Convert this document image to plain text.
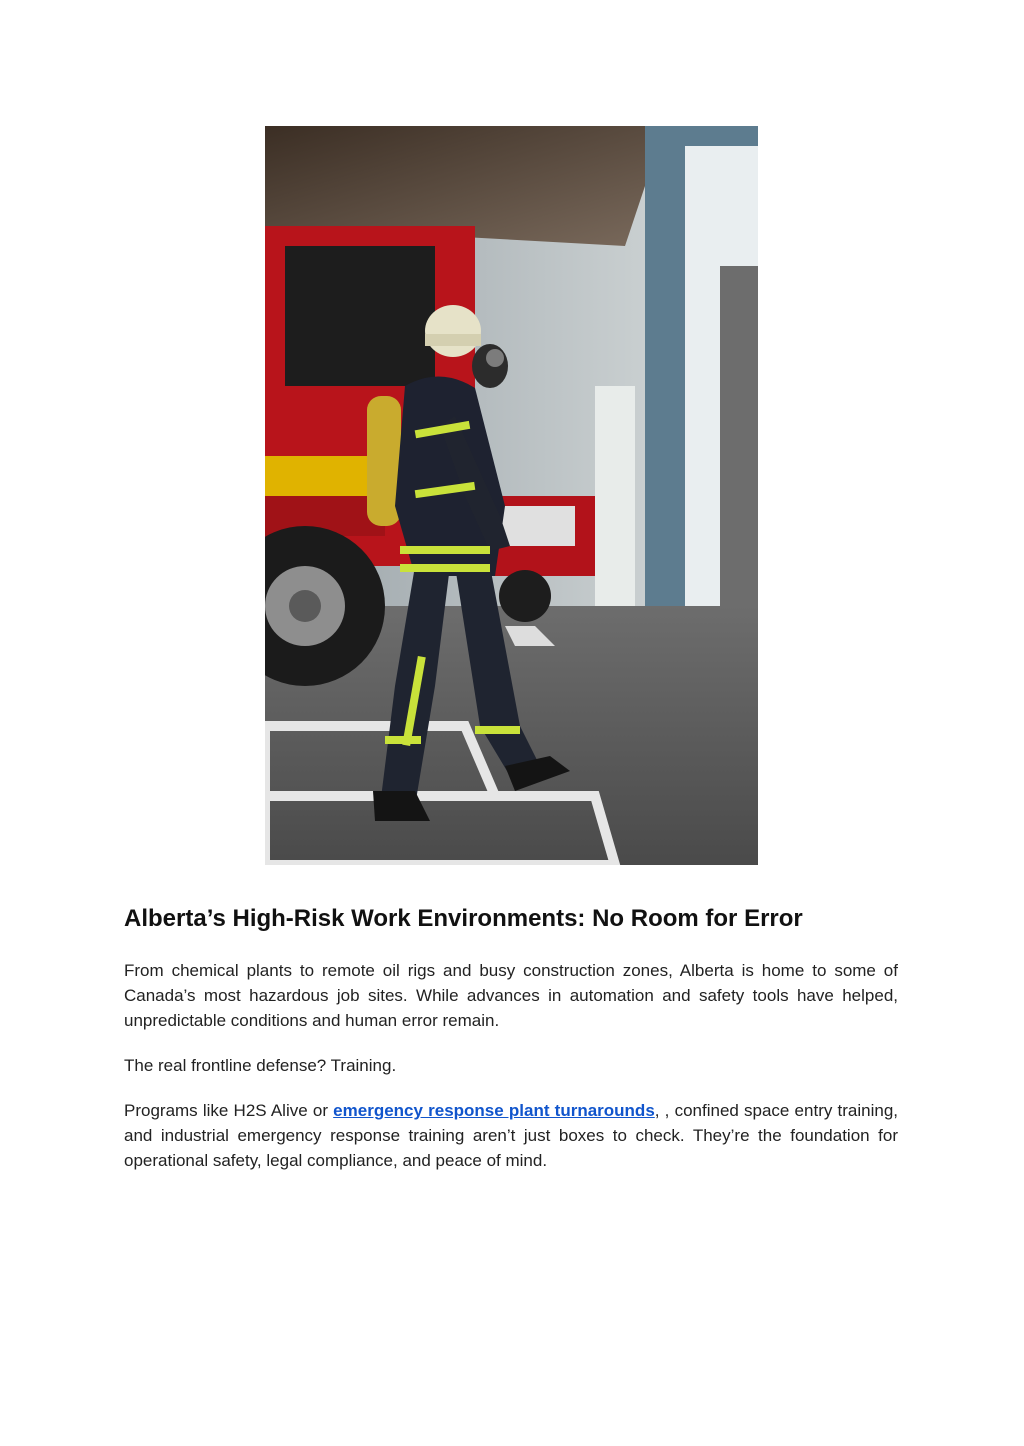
Alberta’s High-Risk Work Environments: No Room for Error

From chemical plants to remote oil rigs and busy construction zones, Alberta is home to some of Canada’s most hazardous job sites. While advances in automation and safety tools have helped, unpredictable conditions and human error remain.

The real frontline defense? Training.

Programs like H2S Alive or emergency response plant turnarounds, , confined space entry training, and industrial emergency response training aren’t just boxes to check. They’re the foundation for operational safety, legal compliance, and peace of mind.
